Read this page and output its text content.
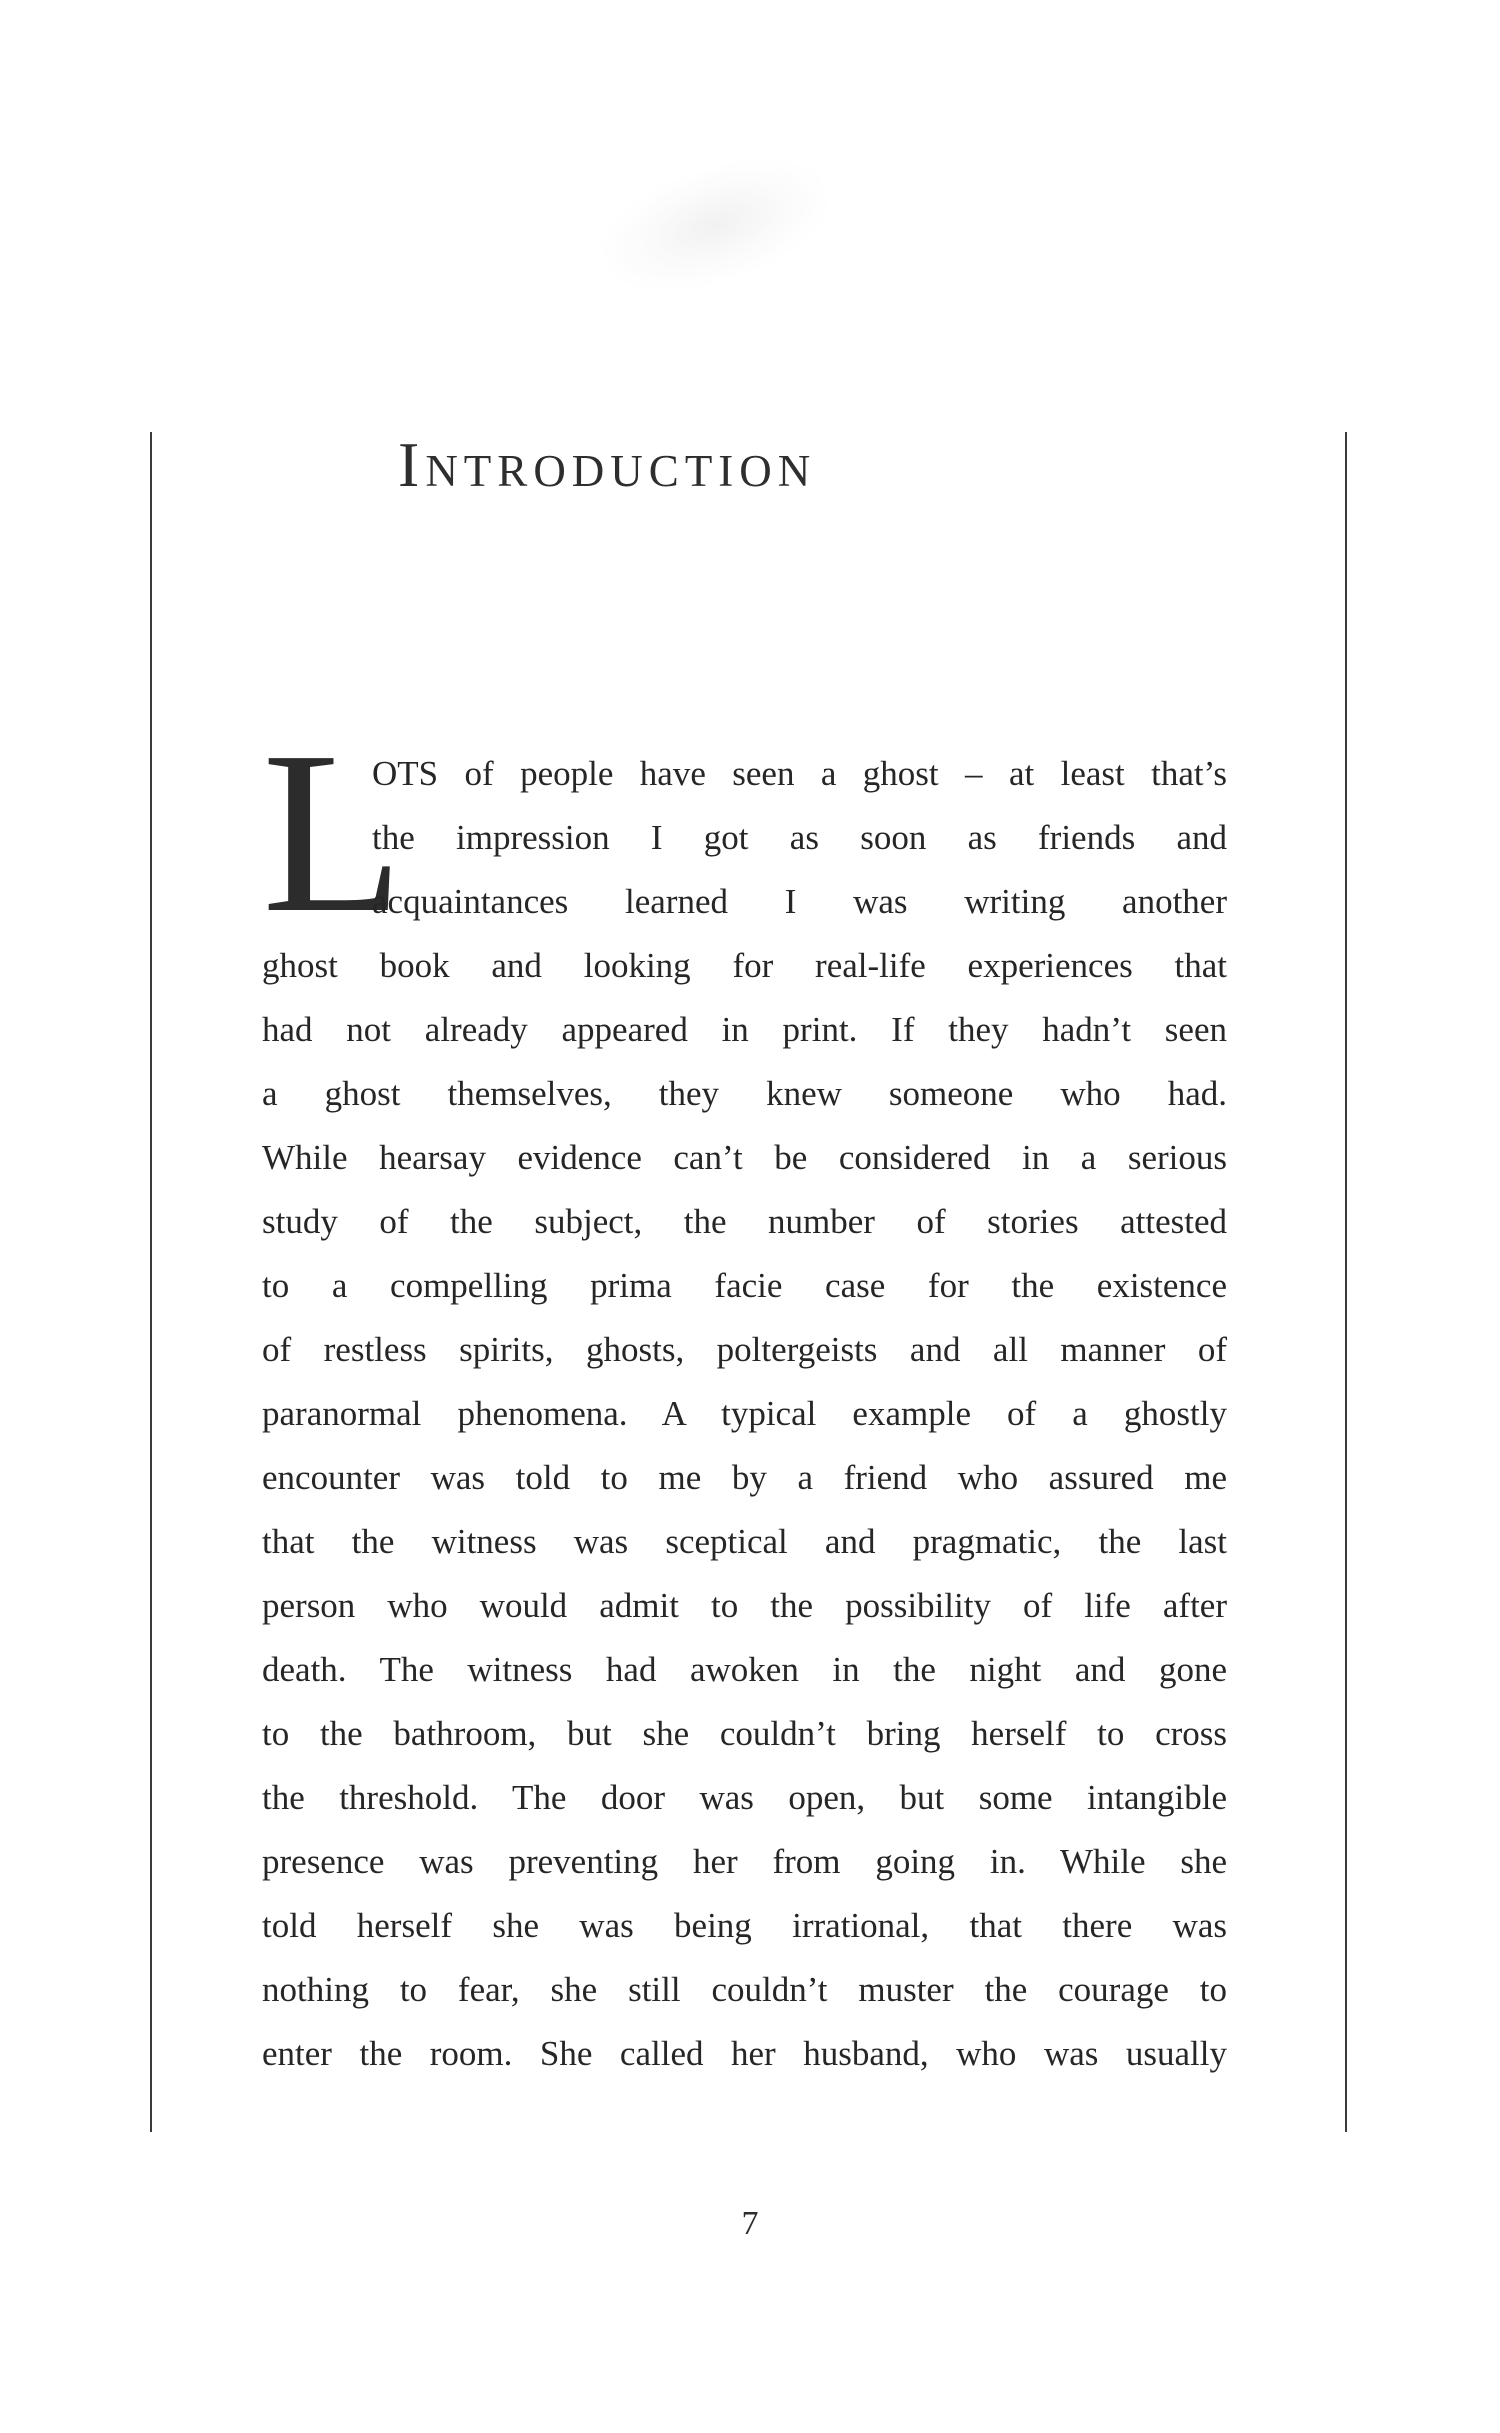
Introduction
L
OTS of people have seen a ghost – at least that’s
the impression I got as soon as friends and
acquaintances learned I was writing another
ghost book and looking for real-life experiences that
had not already appeared in print. If they hadn’t seen
a ghost themselves, they knew someone who had.
While hearsay evidence can’t be considered in a serious
study of the subject, the number of stories attested
to a compelling prima facie case for the existence
of restless spirits, ghosts, poltergeists and all manner of
paranormal phenomena. A typical example of a ghostly
encounter was told to me by a friend who assured me
that the witness was sceptical and pragmatic, the last
person who would admit to the possibility of life after
death. The witness had awoken in the night and gone
to the bathroom, but she couldn’t bring herself to cross
the threshold. The door was open, but some intangible
presence was preventing her from going in. While she
told herself she was being irrational, that there was
nothing to fear, she still couldn’t muster the courage to
enter the room. She called her husband, who was usually
7
